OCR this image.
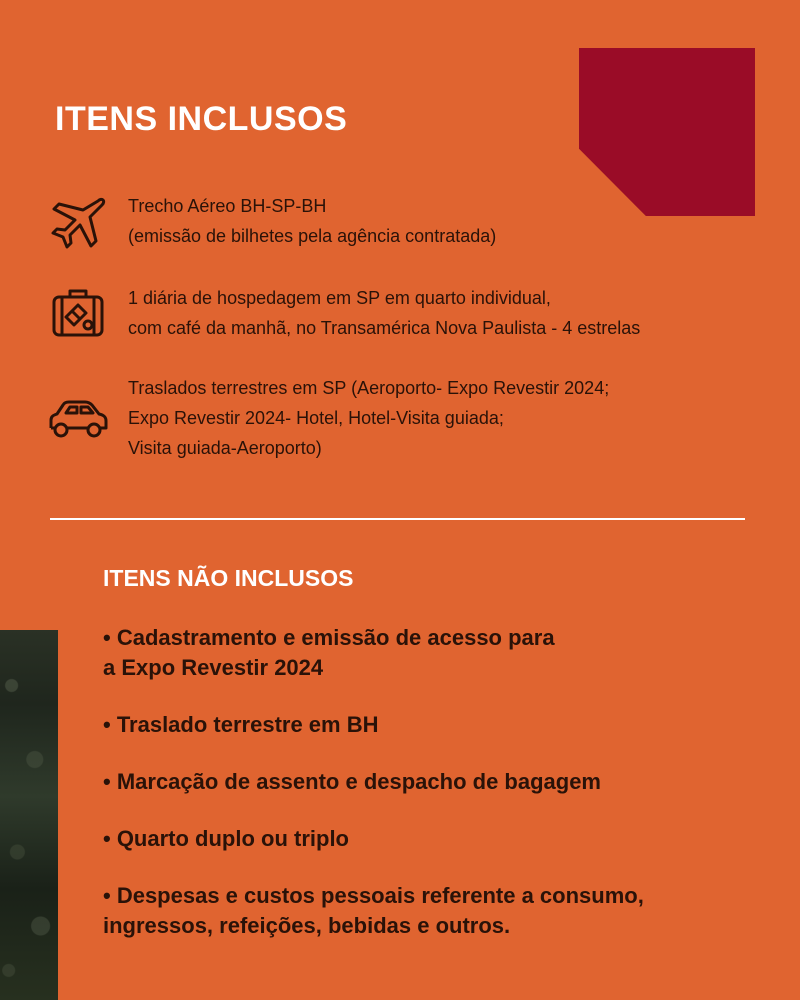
ITENS INCLUSOS
Trecho Aéreo BH-SP-BH
(emissão de bilhetes pela agência contratada)
1 diária de hospedagem em SP em quarto individual,
com café da manhã, no Transamérica Nova Paulista - 4 estrelas
Traslados terrestres em SP (Aeroporto- Expo Revestir 2024;
Expo Revestir 2024- Hotel, Hotel-Visita guiada;
Visita guiada-Aeroporto)
ITENS NÃO INCLUSOS
• Cadastramento e emissão de acesso para
a Expo Revestir 2024
• Traslado terrestre em BH
• Marcação de assento e despacho de bagagem
• Quarto duplo ou triplo
• Despesas e custos pessoais referente a consumo,
ingressos, refeições, bebidas e outros.
